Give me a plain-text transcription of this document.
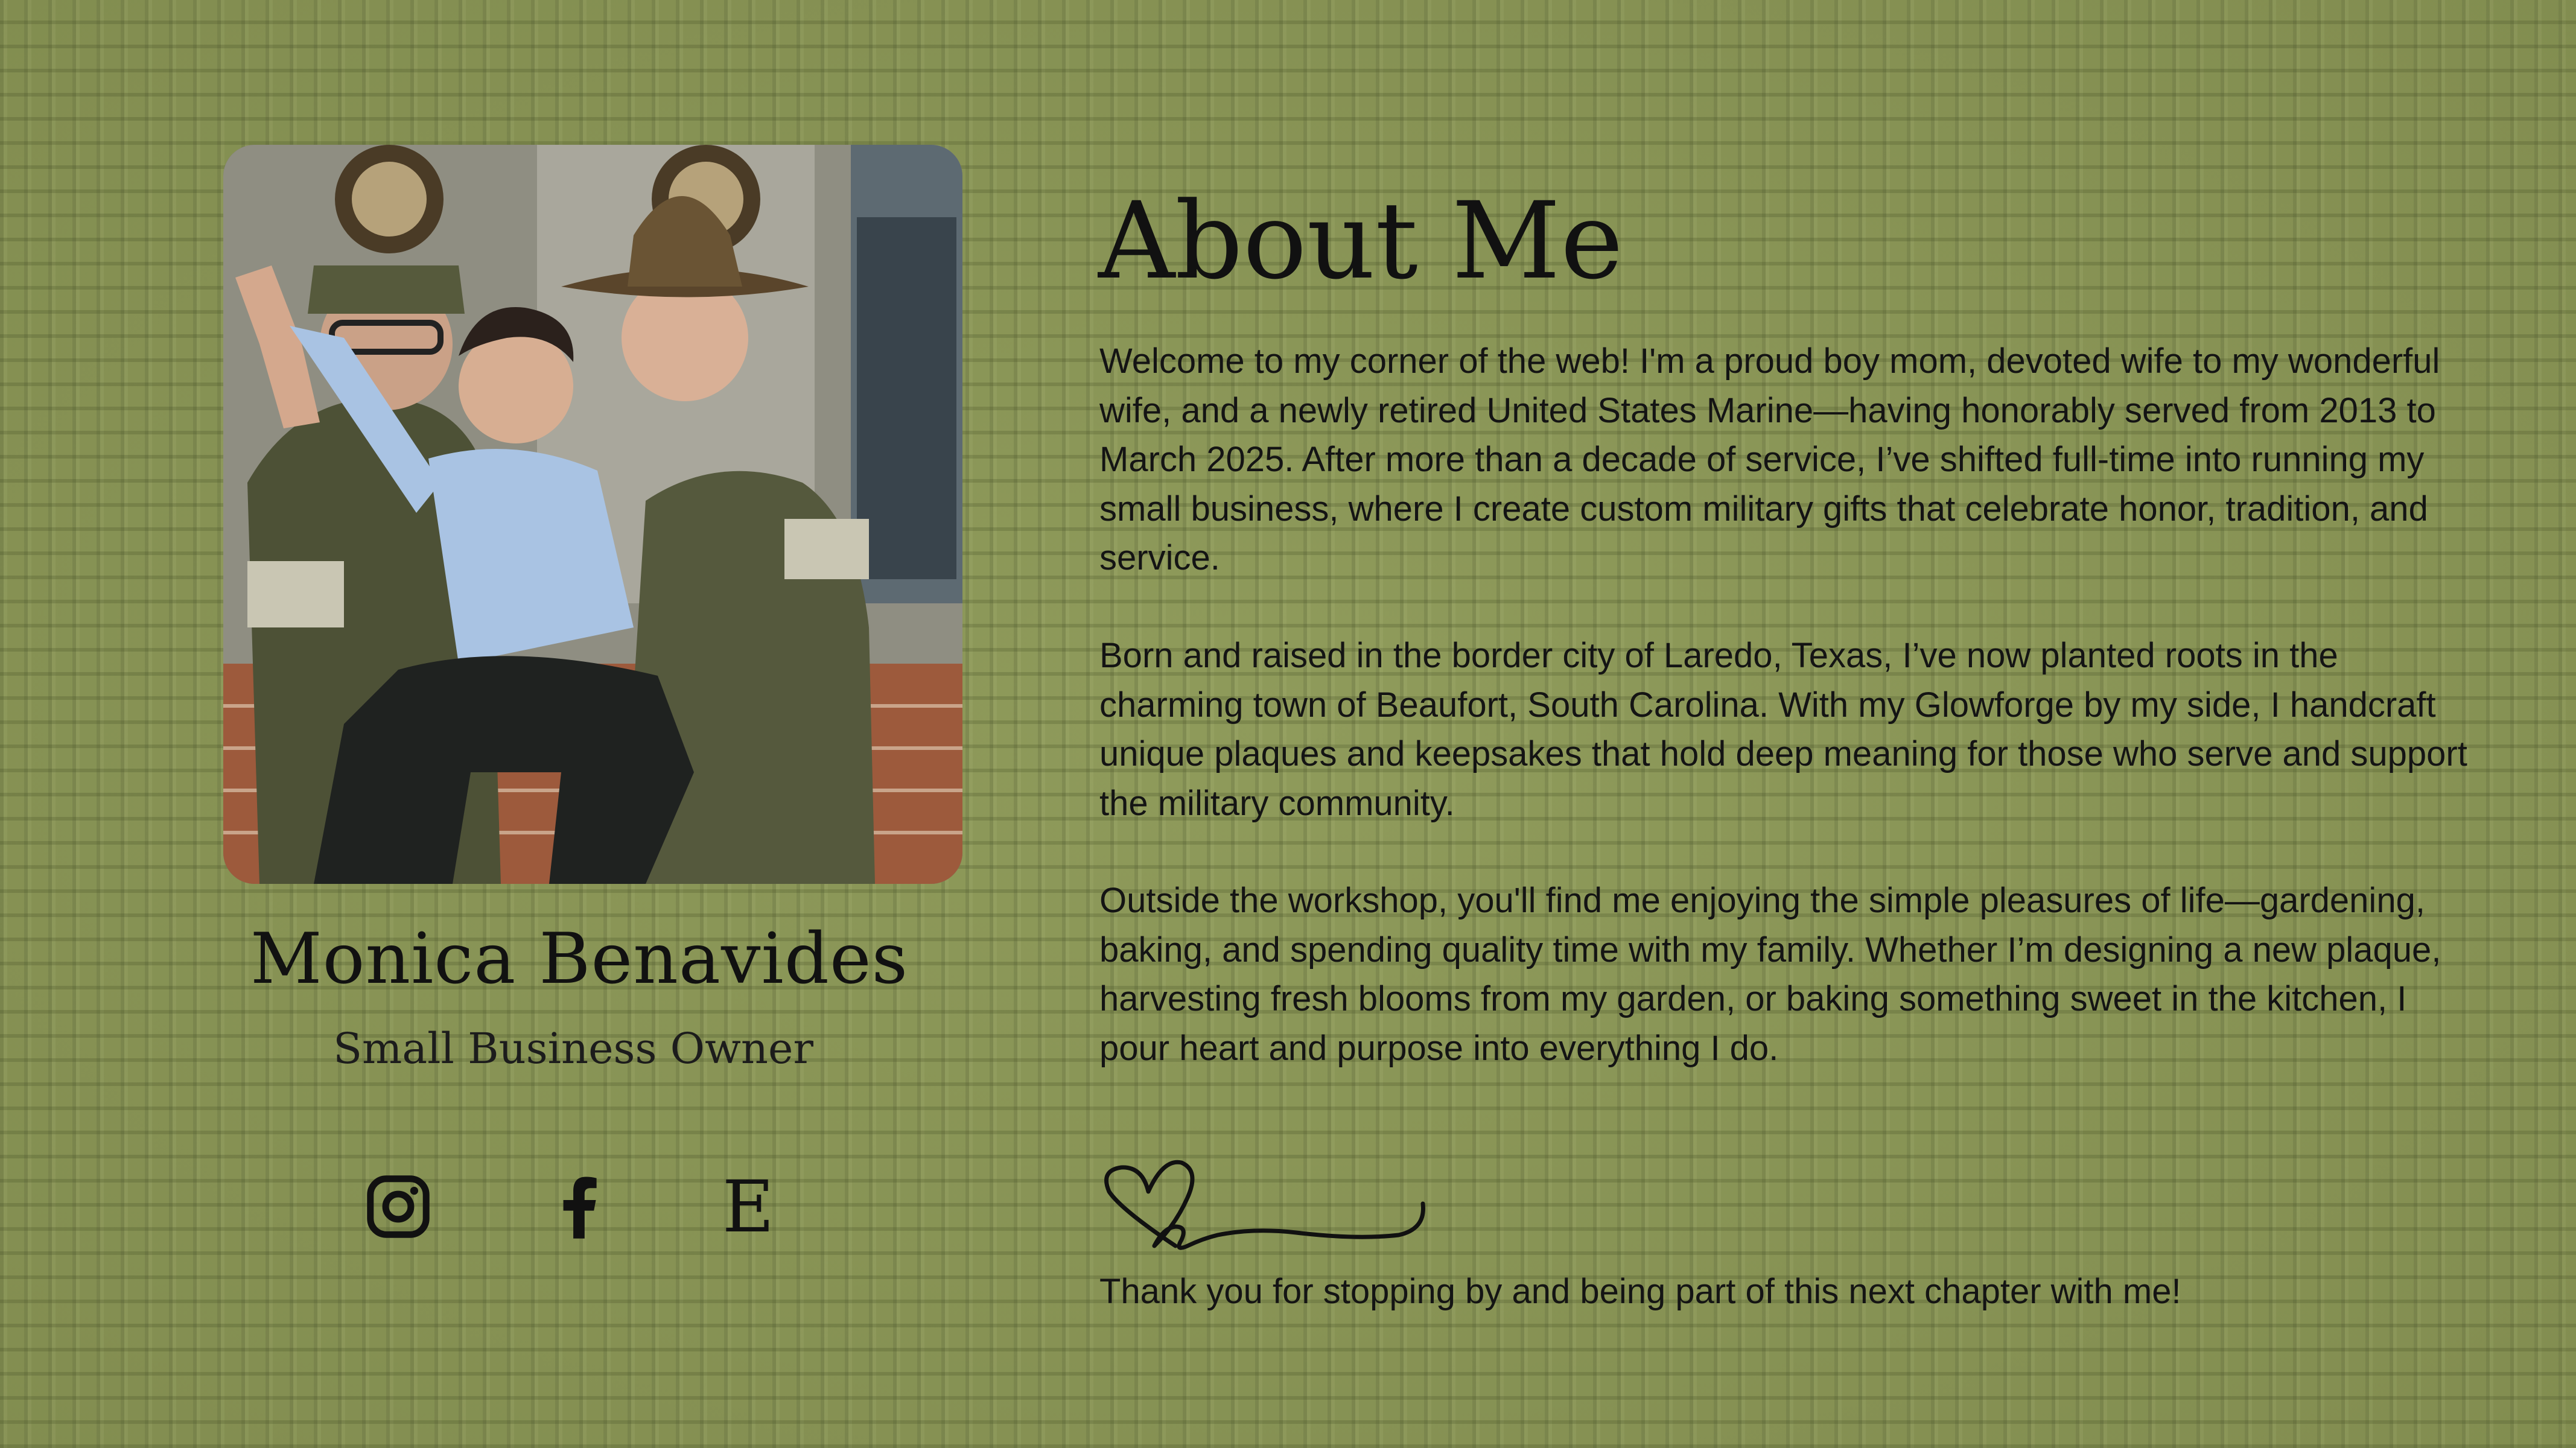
Monica Benavides
Small Business Owner
E
About Me

Welcome to my corner of the web! I'm a proud boy mom, devoted wife to my wonderful wife, and a newly retired United States Marine—having honorably served from 2013 to March 2025. After more than a decade of service, I’ve shifted full-time into running my small business, where I create custom military gifts that celebrate honor, tradition, and service.

Born and raised in the border city of Laredo, Texas, I’ve now planted roots in the charming town of Beaufort, South Carolina. With my Glowforge by my side, I handcraft unique plaques and keepsakes that hold deep meaning for those who serve and support the military community.

Outside the workshop, you'll find me enjoying the simple pleasures of life—gardening, baking, and spending quality time with my family. Whether I’m designing a new plaque, harvesting fresh blooms from my garden, or baking something sweet in the kitchen, I pour heart and purpose into everything I do.

Thank you for stopping by and being part of this next chapter with me!
